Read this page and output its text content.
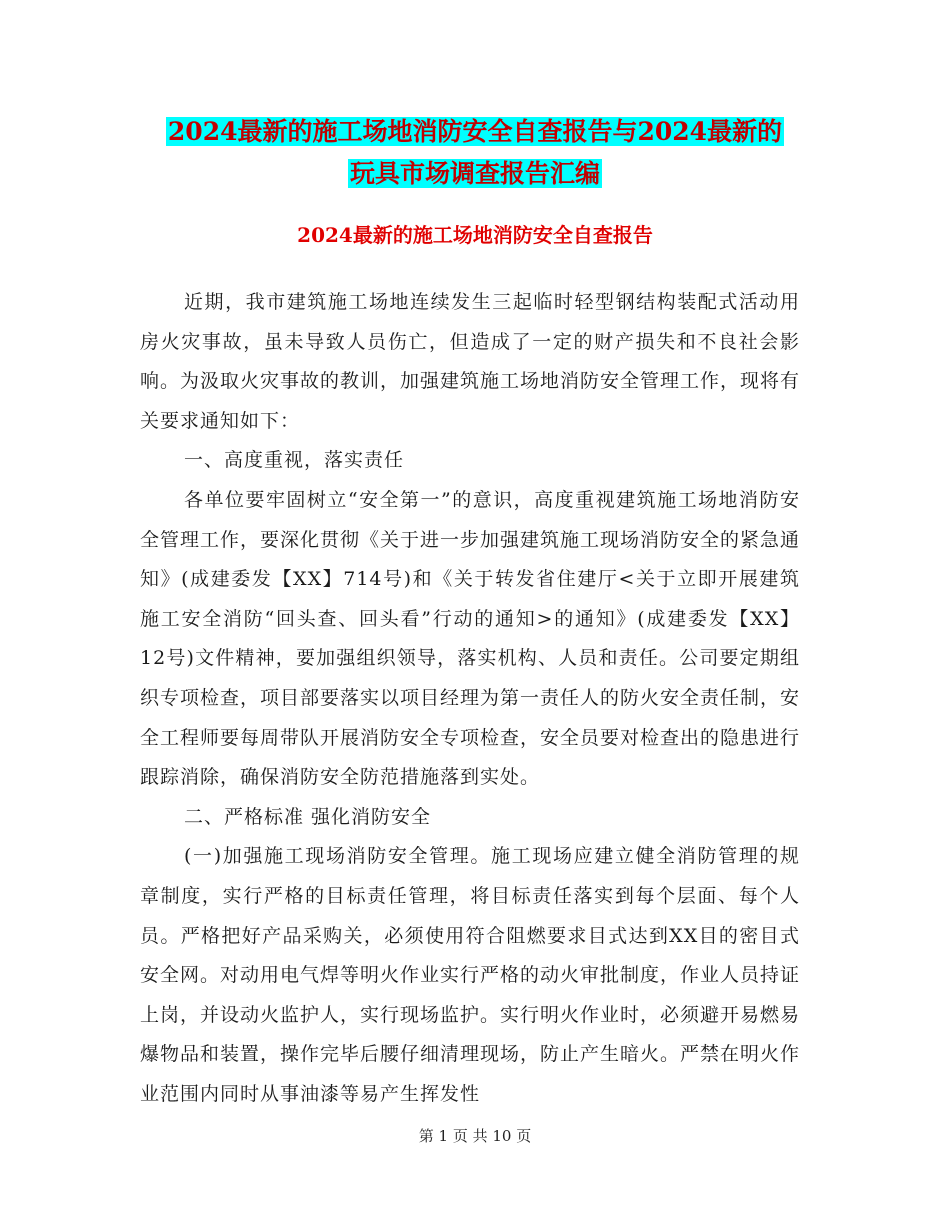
2024最新的施工场地消防安全自查报告与2024最新的
玩具市场调查报告汇编
2024最新的施工场地消防安全自查报告

近期，我市建筑施工场地连续发生三起临时轻型钢结构装配式活动用房火灾事故，虽未导致人员伤亡，但造成了一定的财产损失和不良社会影响。为汲取火灾事故的教训，加强建筑施工场地消防安全管理工作，现将有关要求通知如下：

一、高度重视，落实责任

各单位要牢固树立“安全第一”的意识，高度重视建筑施工场地消防安全管理工作，要深化贯彻《关于进一步加强建筑施工现场消防安全的紧急通知》(成建委发【XX】714号)和《关于转发省住建厅<关于立即开展建筑施工安全消防“回头查、回头看”行动的通知>的通知》(成建委发【XX】 12号)文件精神，要加强组织领导，落实机构、人员和责任。公司要定期组织专项检查，项目部要落实以项目经理为第一责任人的防火安全责任制，安全工程师要每周带队开展消防安全专项检查，安全员要对检查出的隐患进行跟踪消除，确保消防安全防范措施落到实处。

二、严格标准 强化消防安全

(一)加强施工现场消防安全管理。施工现场应建立健全消防管理的规章制度，实行严格的目标责任管理，将目标责任落实到每个层面、每个人员。严格把好产品采购关，必须使用符合阻燃要求目式达到XX目的密目式安全网。对动用电气焊等明火作业实行严格的动火审批制度，作业人员持证上岗，并设动火监护人，实行现场监护。实行明火作业时，必须避开易燃易爆物品和装置，操作完毕后腰仔细清理现场，防止产生暗火。严禁在明火作业范围内同时从事油漆等易产生挥发性

第 1 页 共 10 页
